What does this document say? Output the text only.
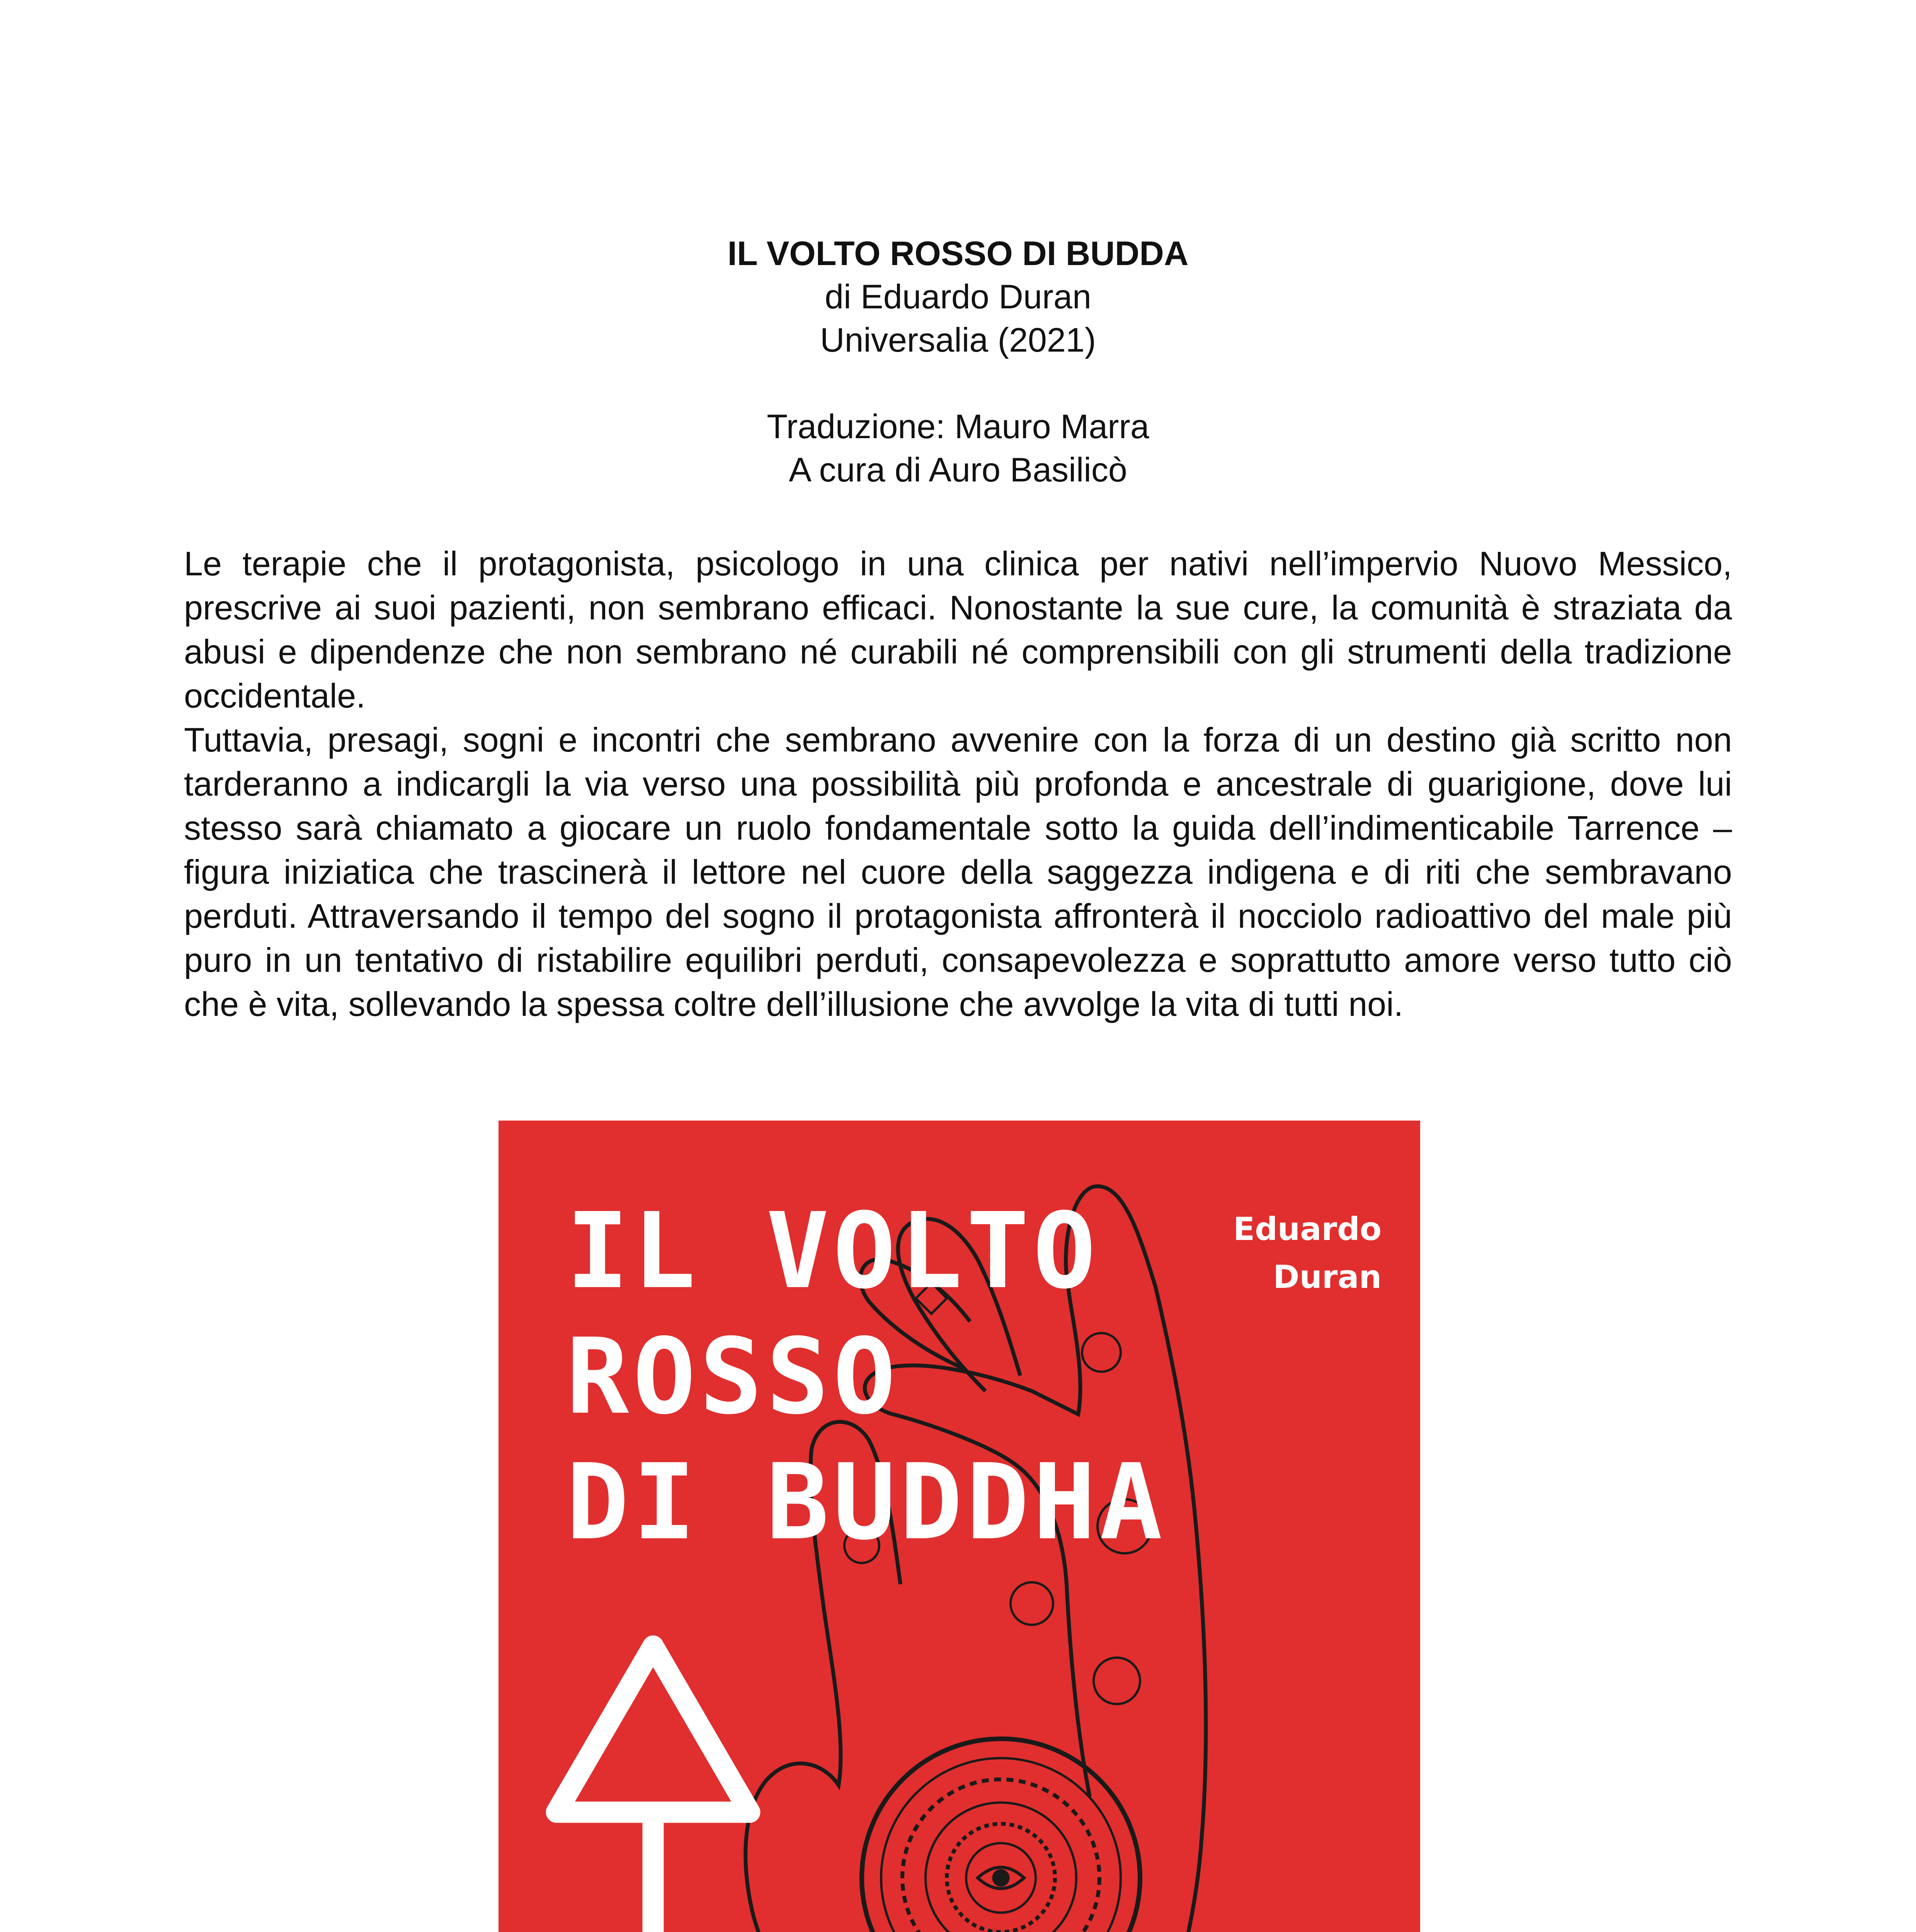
IL VOLTO ROSSO DI BUDDA
di Eduardo Duran
Universalia (2021)
Traduzione: Mauro Marra
A cura di Auro Basilicò

Le terapie che il protagonista, psicologo in una clinica per nativi nell’impervio Nuovo Messico, prescrive ai suoi pazienti, non sembrano efficaci. Nonostante la sue cure, la comunità è straziata da abusi e dipendenze che non sembrano né curabili né comprensibili con gli strumenti della tradizione occidentale.

Tuttavia, presagi, sogni e incontri che sembrano avvenire con la forza di un destino già scritto non tarderanno a indicargli la via verso una possibilità più profonda e ancestrale di guarigione, dove lui stesso sarà chiamato a giocare un ruolo fondamentale sotto la guida dell’indimenticabile Tarrence – figura iniziatica che trascinerà il lettore nel cuore della saggezza indigena e di riti che sembravano perduti. Attraversando il tempo del sogno il protagonista affronterà il nocciolo radioattivo del male più puro in un tentativo di ristabilire equilibri perduti, consapevolezza e soprattutto amore verso tutto ciò che è vita, sollevando la spessa coltre dell’illusione che avvolge la vita di tutti noi.

IL VOLTO
ROSSO
DI BUDDHA
Eduardo
Duran
